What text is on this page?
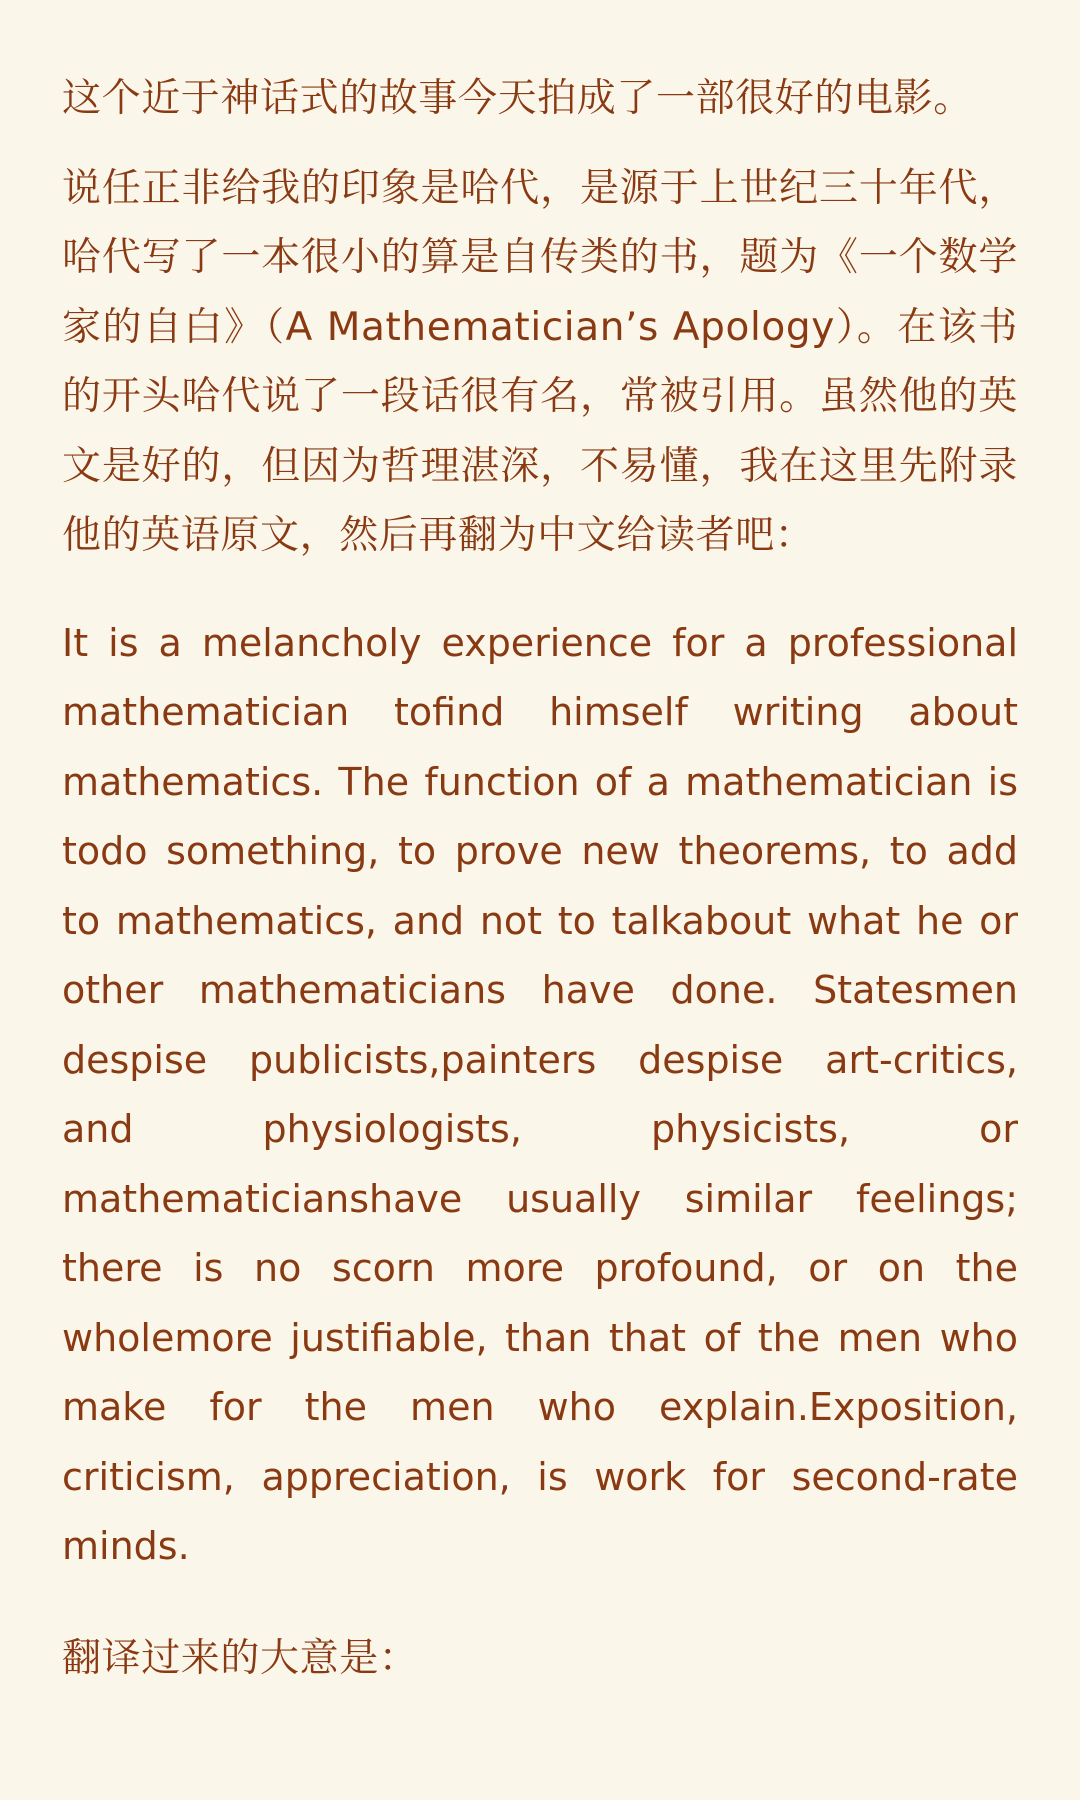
这个近于神话式的故事今天拍成了一部很好的电影。

说任正非给我的印象是哈代，是源于上世纪三十年代，哈代写了一本很小的算是自传类的书，题为《一个数学家的自白》（A Mathematician’s Apology）。在该书的开头哈代说了一段话很有名，常被引用。虽然他的英文是好的，但因为哲理湛深，不易懂，我在这里先附录他的英语原文，然后再翻为中文给读者吧：

It is a melancholy experience for a professional mathematician tofind himself writing about mathematics. The function of a mathematician is todo something, to prove new theorems, to add to mathematics, and not to talkabout what he or other mathematicians have done. Statesmen despise publicists,painters despise art-critics, and physiologists, physicists, or mathematicianshave usually similar feelings; there is no scorn more profound, or on the wholemore justifiable, than that of the men who make for the men who explain.Exposition, criticism, appreciation, is work for second-rate minds.

翻译过来的大意是：
